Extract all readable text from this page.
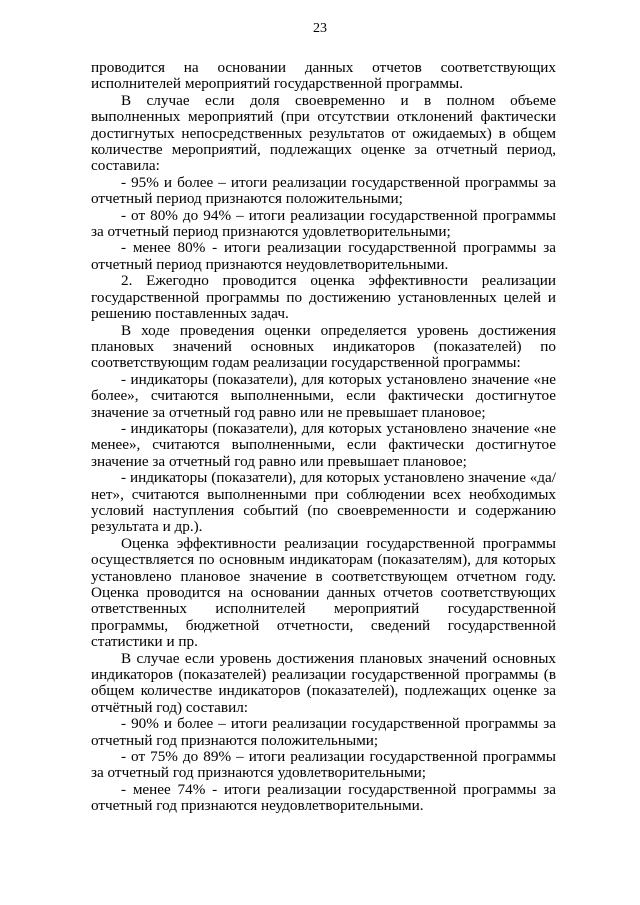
23

проводится на основании данных отчетов соответствующих исполнителей мероприятий государственной программы.

В случае если доля своевременно и в полном объеме выполненных мероприятий (при отсутствии отклонений фактически достигнутых непосредственных результатов от ожидаемых) в общем количестве мероприятий, подлежащих оценке за отчетный период, составила:

- 95% и более – итоги реализации государственной программы за отчетный период признаются положительными;

- от 80% до 94% – итоги реализации государственной программы за отчетный период признаются удовлетворительными;

- менее 80% - итоги реализации государственной программы за отчетный период признаются неудовлетворительными.

2. Ежегодно проводится оценка эффективности реализации государственной программы по достижению установленных целей и решению поставленных задач.

В ходе проведения оценки определяется уровень достижения плановых значений основных индикаторов (показателей) по соответствующим годам реализации государственной программы:

- индикаторы (показатели), для которых установлено значение «не более», считаются выполненными, если фактически достигнутое значение за отчетный год равно или не превышает плановое;

- индикаторы (показатели), для которых установлено значение «не менее», считаются выполненными, если фактически достигнутое значение за отчетный год равно или превышает плановое;

- индикаторы (показатели), для которых установлено значение «да/нет», считаются выполненными при соблюдении всех необходимых условий наступления событий (по своевременности и содержанию результата и др.).

Оценка эффективности реализации государственной программы осуществляется по основным индикаторам (показателям), для которых установлено плановое значение в соответствующем отчетном году. Оценка проводится на основании данных отчетов соответствующих ответственных исполнителей мероприятий государственной программы, бюджетной отчетности, сведений государственной статистики и пр.

В случае если уровень достижения плановых значений основных индикаторов (показателей) реализации государственной программы (в общем количестве индикаторов (показателей), подлежащих оценке за отчётный год) составил:

- 90% и более – итоги реализации государственной программы за отчетный год признаются положительными;

- от 75% до 89% – итоги реализации государственной программы за отчетный год признаются удовлетворительными;

- менее 74% - итоги реализации государственной программы за отчетный год признаются неудовлетворительными.
